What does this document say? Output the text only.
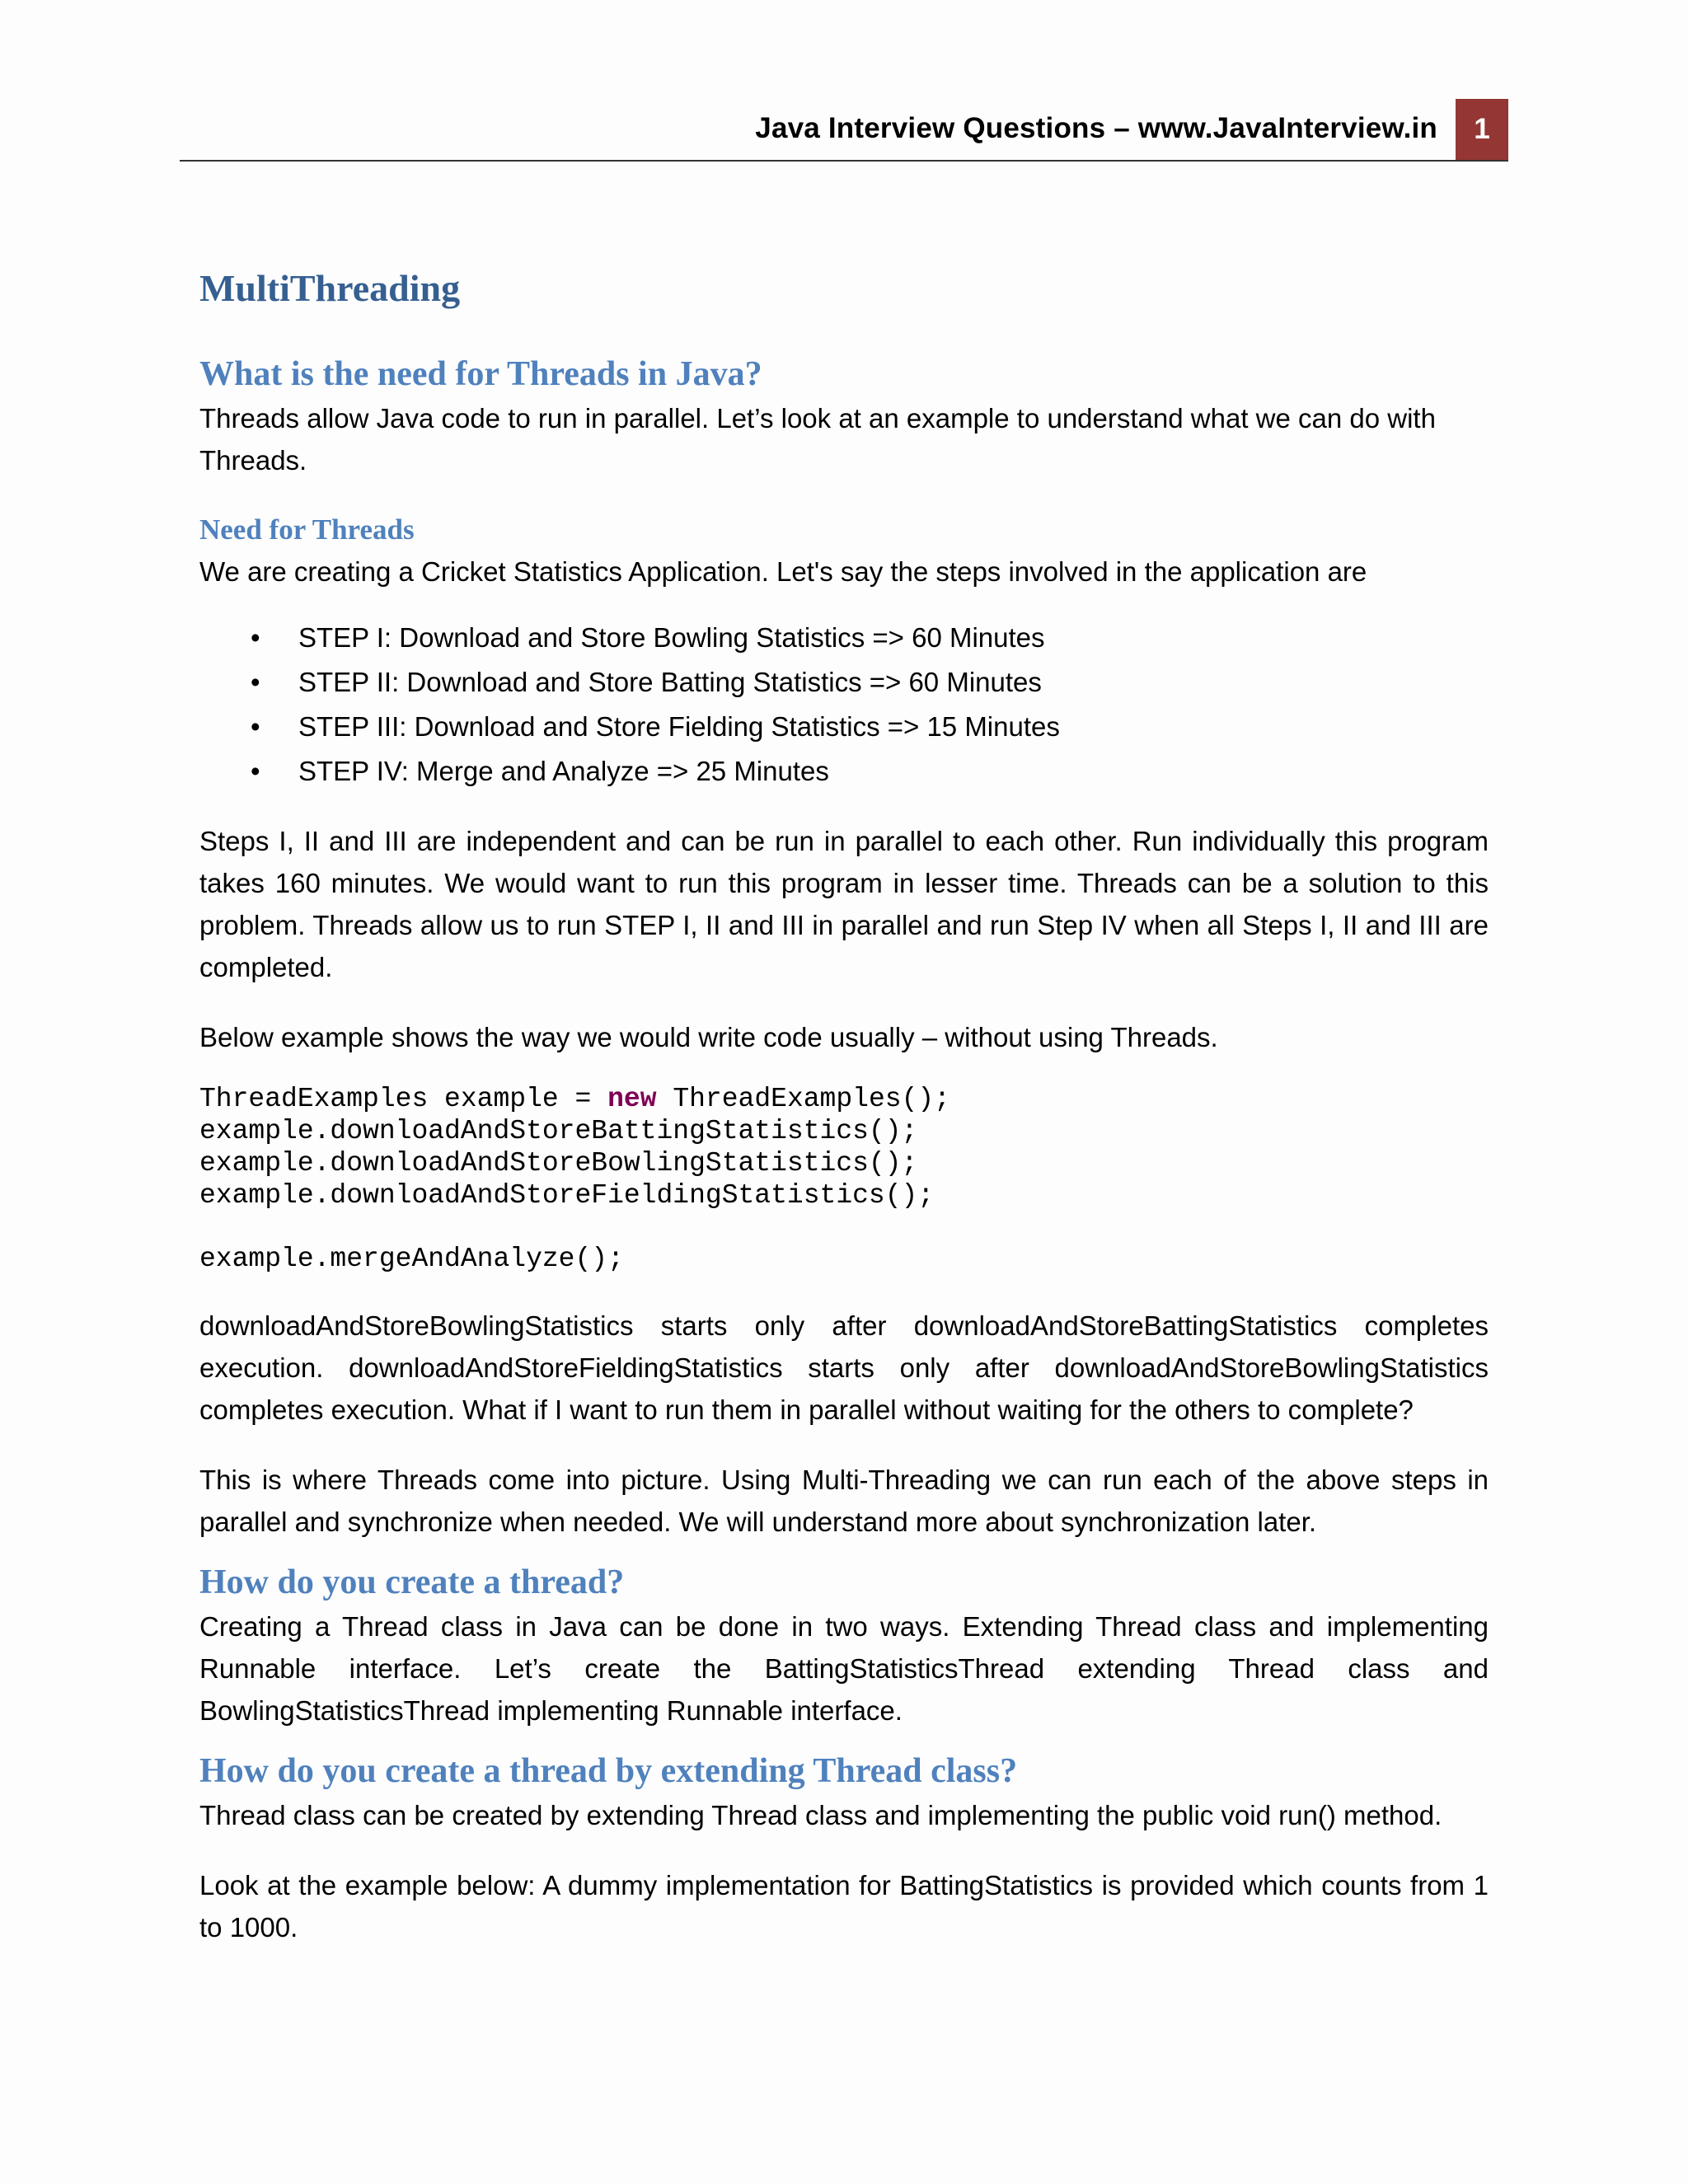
Java Interview Questions – www.JavaInterview.in	1
MultiThreading
What is the need for Threads in Java?

Threads allow Java code to run in parallel. Let’s look at an example to understand what we can do with Threads.

Need for Threads

We are creating a Cricket Statistics Application. Let's say the steps involved in the application are

• STEP I: Download and Store Bowling Statistics => 60 Minutes
• STEP II: Download and Store Batting Statistics => 60 Minutes
• STEP III: Download and Store Fielding Statistics => 15 Minutes
• STEP IV: Merge and Analyze => 25 Minutes

Steps I, II and III are independent and can be run in parallel to each other. Run individually this program takes 160 minutes. We would want to run this program in lesser time. Threads can be a solution to this problem. Threads allow us to run STEP I, II and III in parallel and run Step IV when all Steps I, II and III are completed.

Below example shows the way we would write code usually – without using Threads.

ThreadExamples example = new ThreadExamples();
example.downloadAndStoreBattingStatistics();
example.downloadAndStoreBowlingStatistics();
example.downloadAndStoreFieldingStatistics();
example.mergeAndAnalyze();

downloadAndStoreBowlingStatistics starts only after downloadAndStoreBattingStatistics completes execution. downloadAndStoreFieldingStatistics starts only after downloadAndStoreBowlingStatistics completes execution. What if I want to run them in parallel without waiting for the others to complete?

This is where Threads come into picture. Using Multi-Threading we can run each of the above steps in parallel and synchronize when needed. We will understand more about synchronization later.

How do you create a thread?

Creating a Thread class in Java can be done in two ways. Extending Thread class and implementing Runnable interface. Let’s create the BattingStatisticsThread extending Thread class and BowlingStatisticsThread implementing Runnable interface.

How do you create a thread by extending Thread class?

Thread class can be created by extending Thread class and implementing the public void run() method.

Look at the example below: A dummy implementation for BattingStatistics is provided which counts from 1 to 1000.
